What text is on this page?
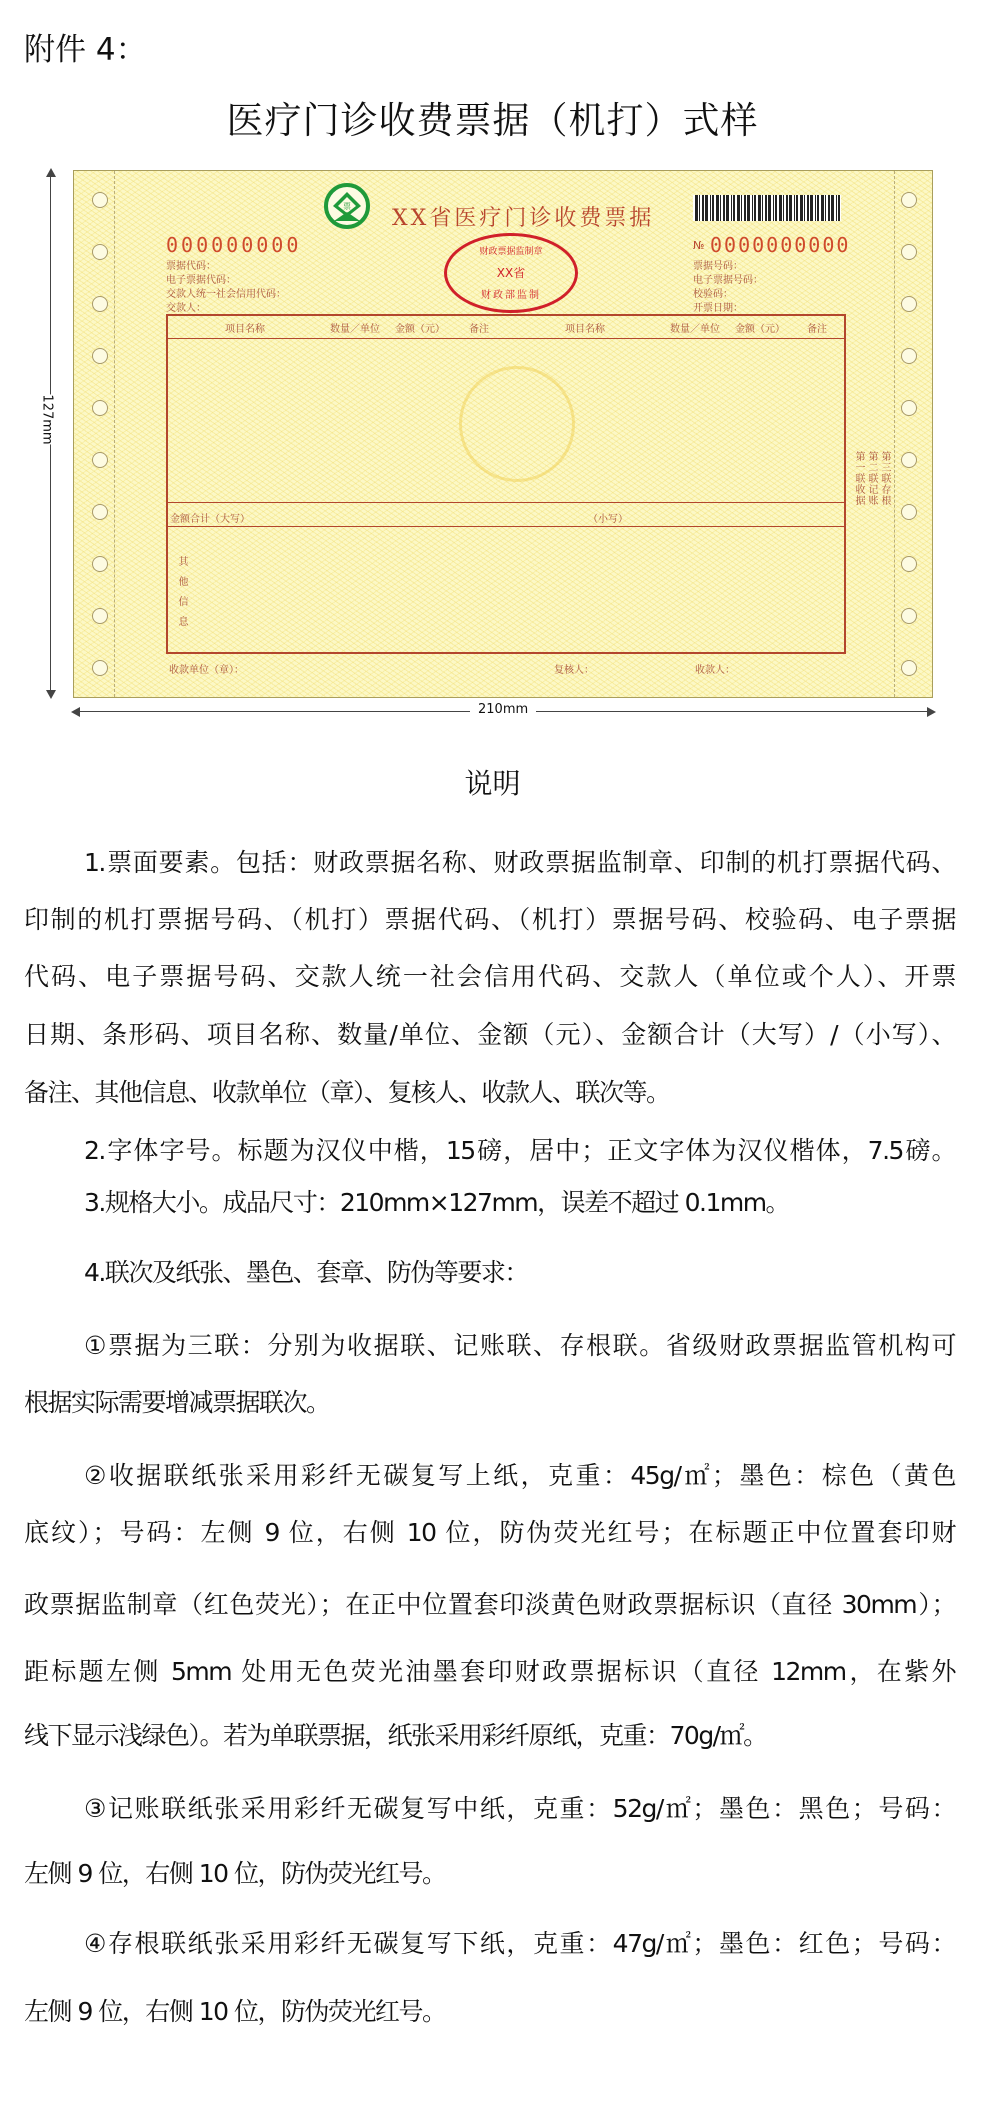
附件 4：
医疗门诊收费票据（机打）式样
127mm
票 XX省医疗门诊收费票据
财政票据监制章
XX省
财政部监制
000000000
票据代码：
电子票据代码：
交款人统一社会信用代码：
交款人：
№ 0000000000
票据号码：
电子票据号码：
校验码：
开票日期：
项目名称	数量／单位 金额（元） 备注	项目名称	数量／单位 金额（元） 备注
金额合计（大写）	（小写）
其他信息
第一联收据 第二联记账 第三联存根
收款单位（章）：	复核人：	收款人：
210mm
说明
1.票面要素。包括：财政票据名称、财政票据监制章、印制的机打票据代码、
印制的机打票据号码、（机打）票据代码、（机打）票据号码、校验码、电子票据
代码、电子票据号码、交款人统一社会信用代码、交款人（单位或个人）、开票
日期、条形码、项目名称、数量/单位、金额（元）、金额合计（大写）/（小写）、
备注、其他信息、收款单位（章）、复核人、收款人、联次等。
2.字体字号。标题为汉仪中楷，15磅，居中；正文字体为汉仪楷体，7.5磅。
3.规格大小。成品尺寸：210mm×127mm，误差不超过 0.1mm。
4.联次及纸张、墨色、套章、防伪等要求：
①票据为三联：分别为收据联、记账联、存根联。省级财政票据监管机构可
根据实际需要增减票据联次。
②收据联纸张采用彩纤无碳复写上纸，克重：45g/㎡；墨色：棕色（黄色
底纹）；号码：左侧 9 位，右侧 10 位，防伪荧光红号；在标题正中位置套印财
政票据监制章（红色荧光）；在正中位置套印淡黄色财政票据标识（直径 30mm）；
距标题左侧 5mm 处用无色荧光油墨套印财政票据标识（直径 12mm，在紫外
线下显示浅绿色）。若为单联票据，纸张采用彩纤原纸，克重：70g/㎡。
③记账联纸张采用彩纤无碳复写中纸，克重：52g/㎡；墨色：黑色；号码：
左侧 9 位，右侧 10 位，防伪荧光红号。
④存根联纸张采用彩纤无碳复写下纸，克重：47g/㎡；墨色：红色；号码：
左侧 9 位，右侧 10 位，防伪荧光红号。
